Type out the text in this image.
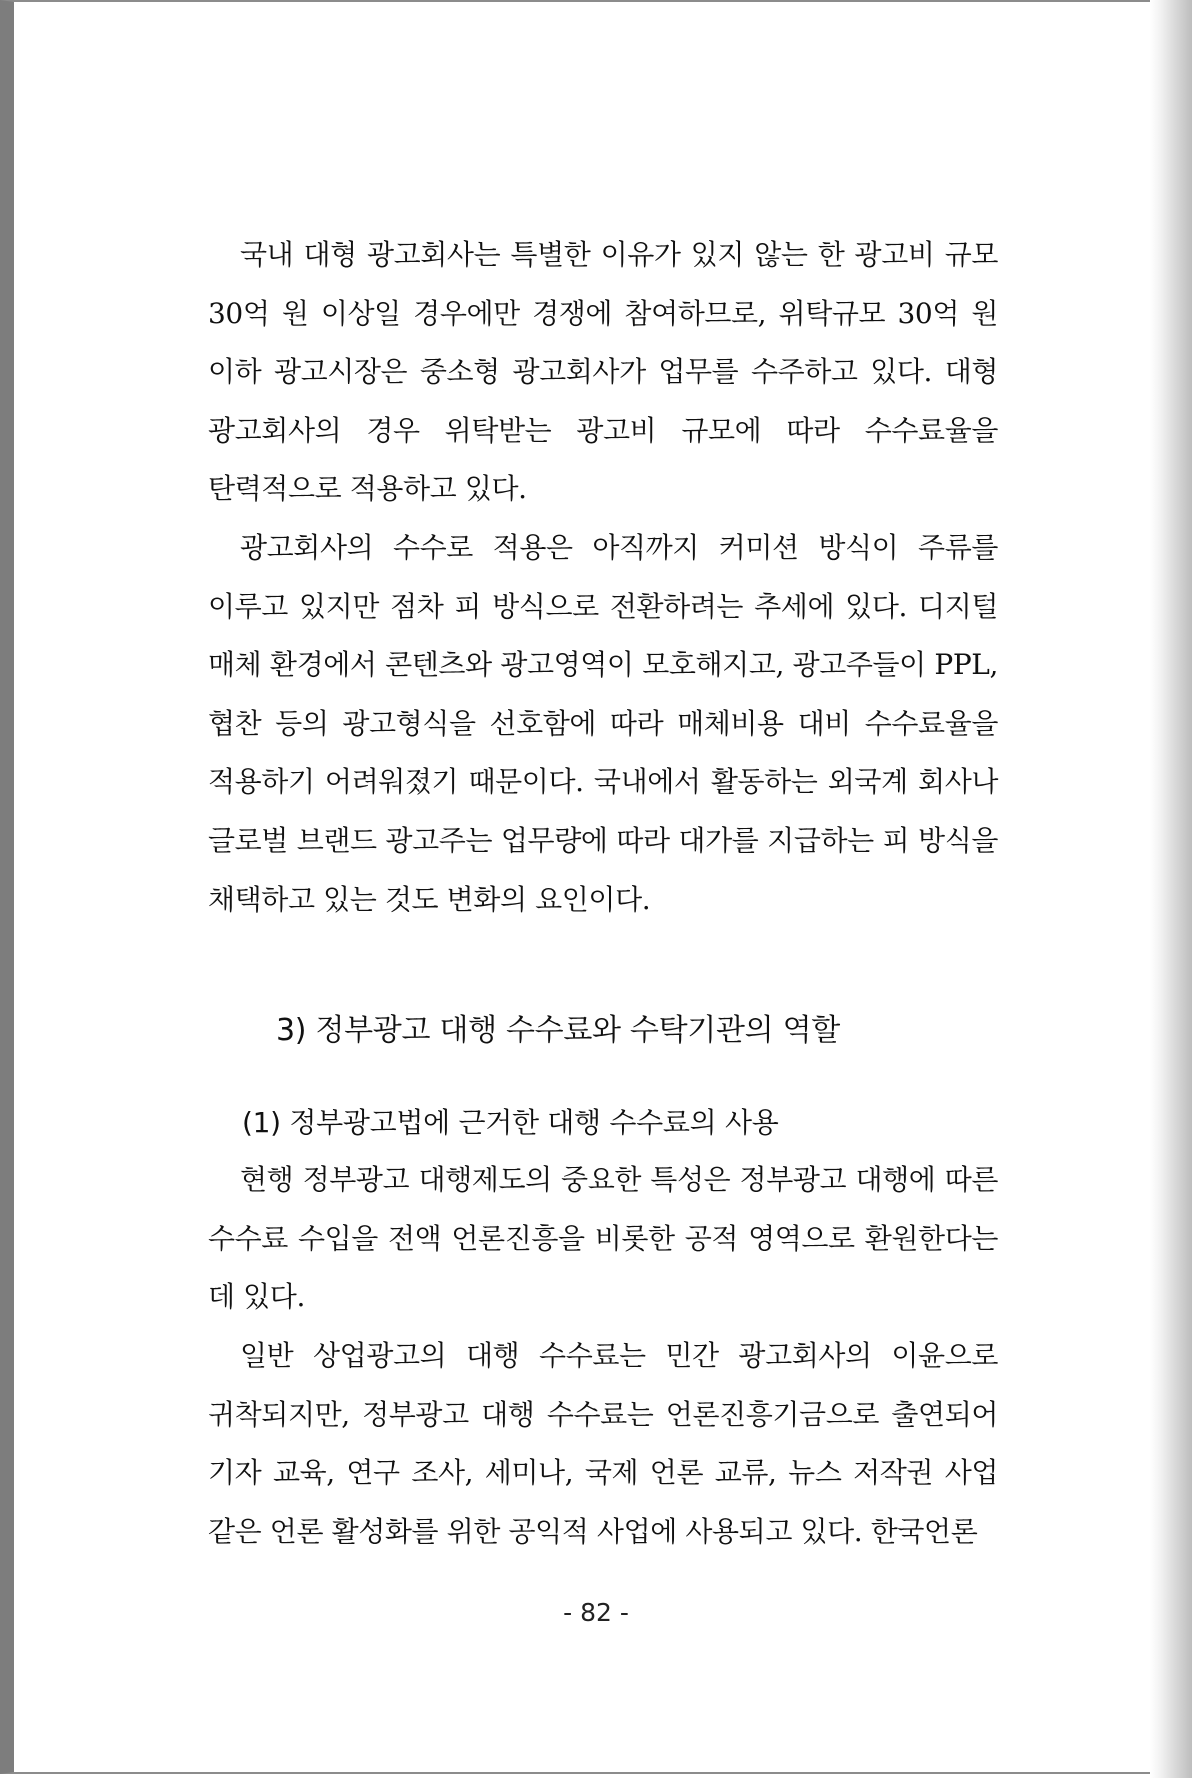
국내 대형 광고회사는 특별한 이유가 있지 않는 한 광고비 규모 30억 원 이상일 경우에만 경쟁에 참여하므로, 위탁규모 30억 원 이하 광고시장은 중소형 광고회사가 업무를 수주하고 있다. 대형 광고회사의 경우 위탁받는 광고비 규모에 따라 수수료율을 탄력적으로 적용하고 있다.

광고회사의 수수로 적용은 아직까지 커미션 방식이 주류를 이루고 있지만 점차 피 방식으로 전환하려는 추세에 있다. 디지털 매체 환경에서 콘텐츠와 광고영역이 모호해지고, 광고주들이 PPL, 협찬 등의 광고형식을 선호함에 따라 매체비용 대비 수수료율을 적용하기 어려워졌기 때문이다. 국내에서 활동하는 외국계 회사나 글로벌 브랜드 광고주는 업무량에 따라 대가를 지급하는 피 방식을 채택하고 있는 것도 변화의 요인이다.

3) 정부광고 대행 수수료와 수탁기관의 역할
(1) 정부광고법에 근거한 대행 수수료의 사용

현행 정부광고 대행제도의 중요한 특성은 정부광고 대행에 따른 수수료 수입을 전액 언론진흥을 비롯한 공적 영역으로 환원한다는 데 있다.

일반 상업광고의 대행 수수료는 민간 광고회사의 이윤으로 귀착되지만, 정부광고 대행 수수료는 언론진흥기금으로 출연되어 기자 교육, 연구 조사, 세미나, 국제 언론 교류, 뉴스 저작권 사업 같은 언론 활성화를 위한 공익적 사업에 사용되고 있다. 한국언론

- 82 -
